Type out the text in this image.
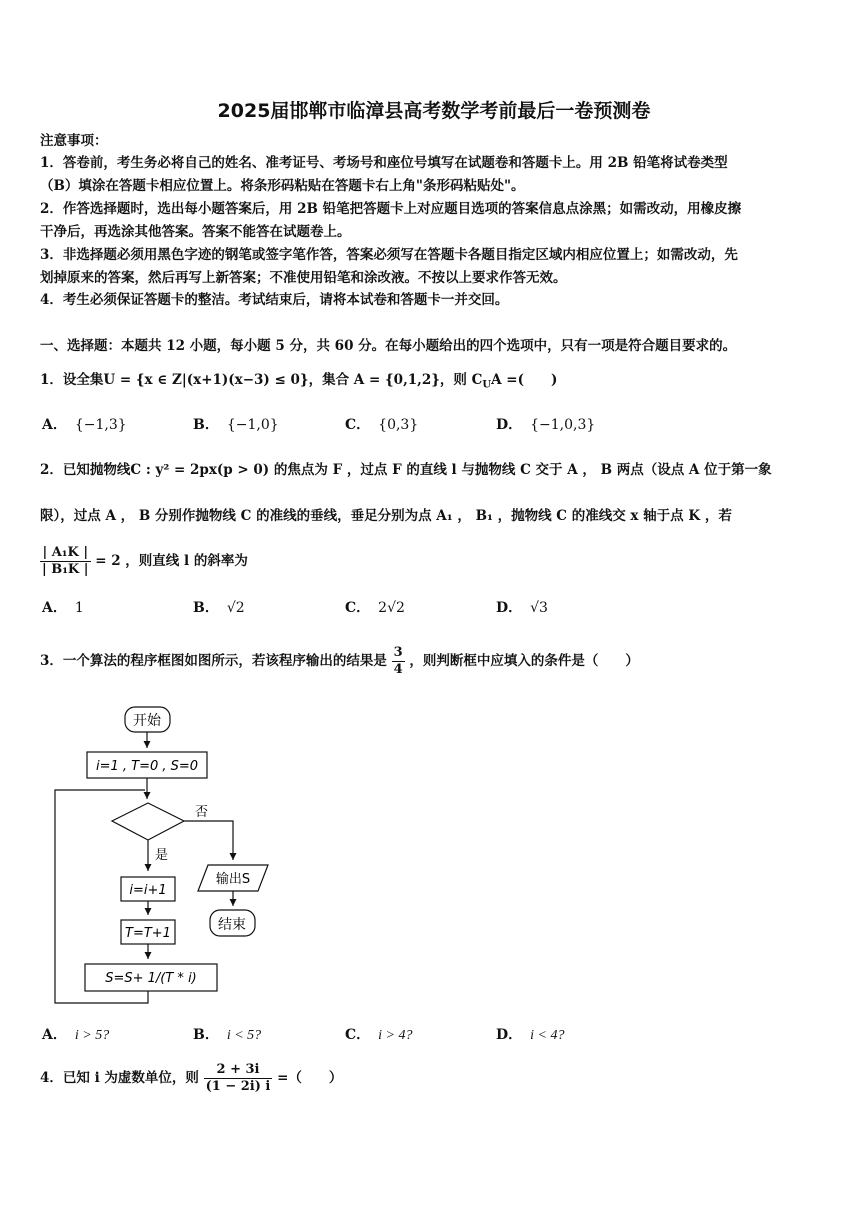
2025届邯郸市临漳县高考数学考前最后一卷预测卷
注意事项：
1．答卷前，考生务必将自己的姓名、准考证号、考场号和座位号填写在试题卷和答题卡上。用 2B 铅笔将试卷类型
（B）填涂在答题卡相应位置上。将条形码粘贴在答题卡右上角"条形码粘贴处"。
2．作答选择题时，选出每小题答案后，用 2B 铅笔把答题卡上对应题目选项的答案信息点涂黑；如需改动，用橡皮擦
干净后，再选涂其他答案。答案不能答在试题卷上。
3．非选择题必须用黑色字迹的钢笔或签字笔作答，答案必须写在答题卡各题目指定区域内相应位置上；如需改动，先
划掉原来的答案，然后再写上新答案；不准使用铅笔和涂改液。不按以上要求作答无效。
4．考生必须保证答题卡的整洁。考试结束后，请将本试卷和答题卡一并交回。
一、选择题：本题共 12 小题，每小题 5 分，共 60 分。在每小题给出的四个选项中，只有一项是符合题目要求的。
1．设全集U = {x ∈ Z|(x+1)(x−3) ≤ 0}，集合 A = {0,1,2}，则 $C_UA$ =(　　)
A． {−1,3}	B． {−1,0}	C． {0,3}	D． {−1,0,3}
2．已知抛物线C : y² = 2px(p > 0) 的焦点为 F ，过点 F 的直线 l 与抛物线 C 交于 A ， B 两点（设点 A 位于第一象
限），过点 A ， B 分别作抛物线 C 的准线的垂线，垂足分别为点 A₁ ， B₁ ，抛物线 C 的准线交 x 轴于点 K ，若
$\frac{\text{| A₁K |}}{\text{| B₁K |}} = 2$ ，则直线 l 的斜率为
A． 1	B． √2	C． 2√2	D． √3
3．一个算法的程序框图如图所示，若该程序输出的结果是 $\frac{3}{4}$ ，则判断框中应填入的条件是（　　）
开始
i=1 , T=0 , S=0
否
是
输出S
结束
i=i+1
T=T+1
S=S+ 1/(T * i)
A． i > 5?	B． i < 5?	C． i > 4?	D． i < 4?
4．已知 i 为虚数单位，则 $\frac{2 + 3i}{(1 - 2i) i}$ =（　　）
